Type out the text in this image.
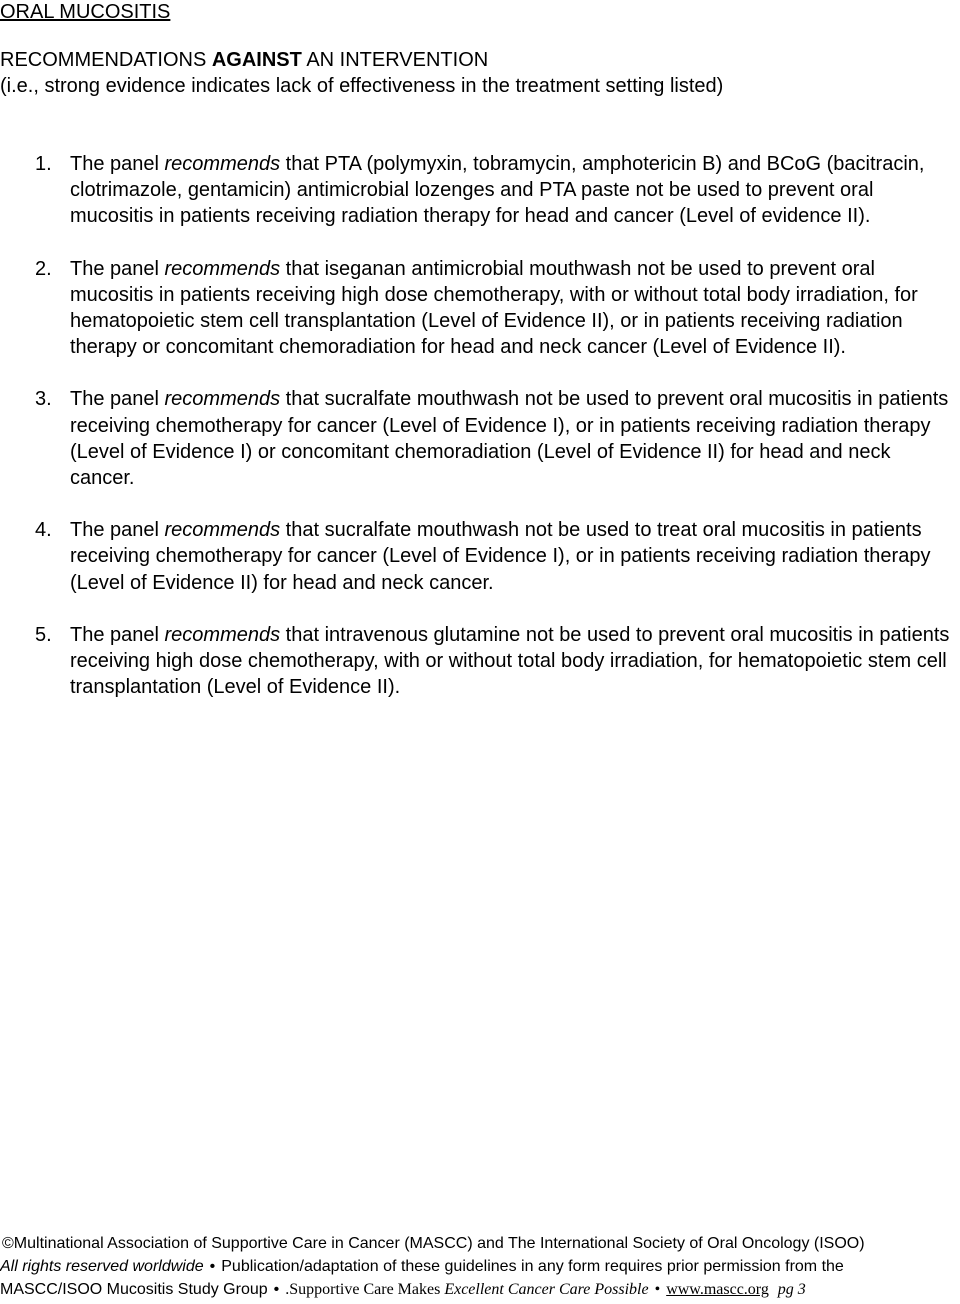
ORAL MUCOSITIS
RECOMMENDATIONS AGAINST AN INTERVENTION
(i.e., strong evidence indicates lack of effectiveness in the treatment setting listed)
1. The panel recommends that PTA (polymyxin, tobramycin, amphotericin B) and BCoG (bacitracin, clotrimazole, gentamicin) antimicrobial lozenges and PTA paste not be used to prevent oral mucositis in patients receiving radiation therapy for head and cancer (Level of evidence II).
2. The panel recommends that iseganan antimicrobial mouthwash not be used to prevent oral mucositis in patients receiving high dose chemotherapy, with or without total body irradiation, for hematopoietic stem cell transplantation (Level of Evidence II), or in patients receiving radiation therapy or concomitant chemoradiation for head and neck cancer (Level of Evidence II).
3. The panel recommends that sucralfate mouthwash not be used to prevent oral mucositis in patients receiving chemotherapy for cancer (Level of Evidence I), or in patients receiving radiation therapy (Level of Evidence I) or concomitant chemoradiation (Level of Evidence II) for head and neck cancer.
4. The panel recommends that sucralfate mouthwash not be used to treat oral mucositis in patients receiving chemotherapy for cancer (Level of Evidence I), or in patients receiving radiation therapy (Level of Evidence II) for head and neck cancer.
5. The panel recommends that intravenous glutamine not be used to prevent oral mucositis in patients receiving high dose chemotherapy, with or without total body irradiation, for hematopoietic stem cell transplantation (Level of Evidence II).
©Multinational Association of Supportive Care in Cancer (MASCC) and The International Society of Oral Oncology (ISOO)
All rights reserved worldwide • Publication/adaptation of these guidelines in any form requires prior permission from the
MASCC/ISOO Mucositis Study Group • .Supportive Care Makes Excellent Cancer Care Possible • www.mascc.org pg 3
